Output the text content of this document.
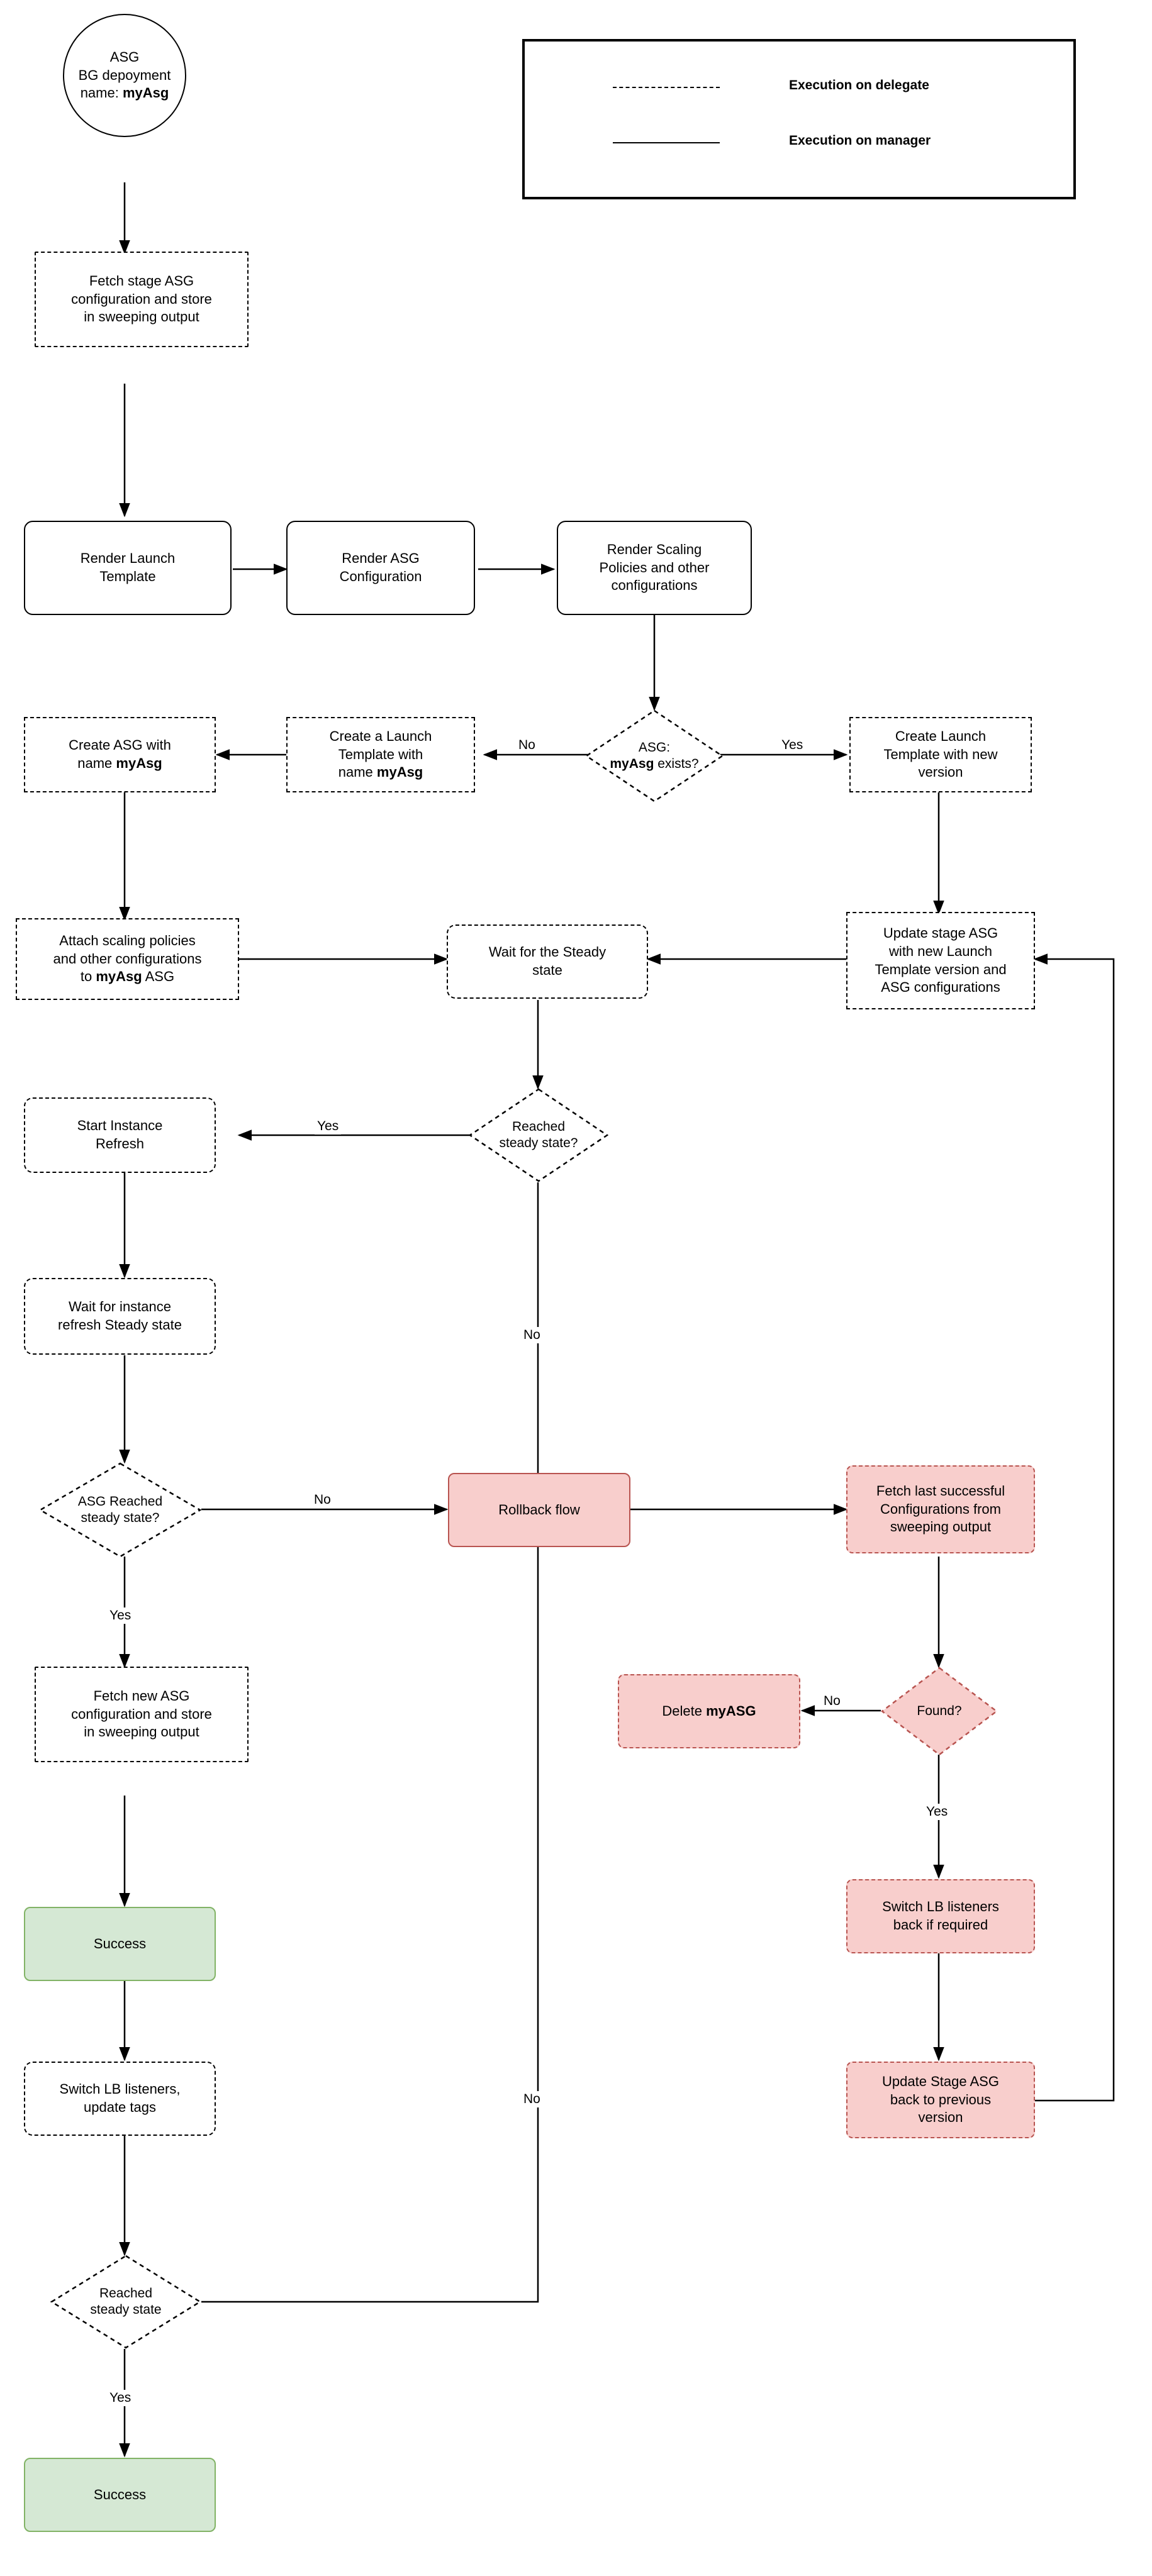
Execution on delegate
Execution on manager
ASG
BG depoyment
name: myAsg
Fetch stage ASG
configuration and store
in sweeping output
Render Launch
Template
Render ASG
Configuration
Render Scaling
Policies and other
configurations
ASG:
myAsg exists?
Create Launch
Template with new
version
Create a Launch
Template with
name myAsg
Create ASG with
name myAsg
Attach scaling policies
and other configurations
to myAsg ASG
Update stage ASG
with new Launch
Template version and
ASG configurations
Wait for the Steady
state
Reached
steady state?
Start Instance
Refresh
Wait for instance
refresh Steady state
ASG Reached
steady state?
Rollback flow
Fetch last successful
Configurations from
sweeping output
Found?
Delete myASG
Switch LB listeners
back if required
Update Stage ASG
back to previous
version
Fetch new ASG
configuration and store
in sweeping output
Success
Switch LB listeners,
update tags
Reached
steady state
Success
No	Yes
Yes
No
No
Yes
No
Yes
No
Yes
